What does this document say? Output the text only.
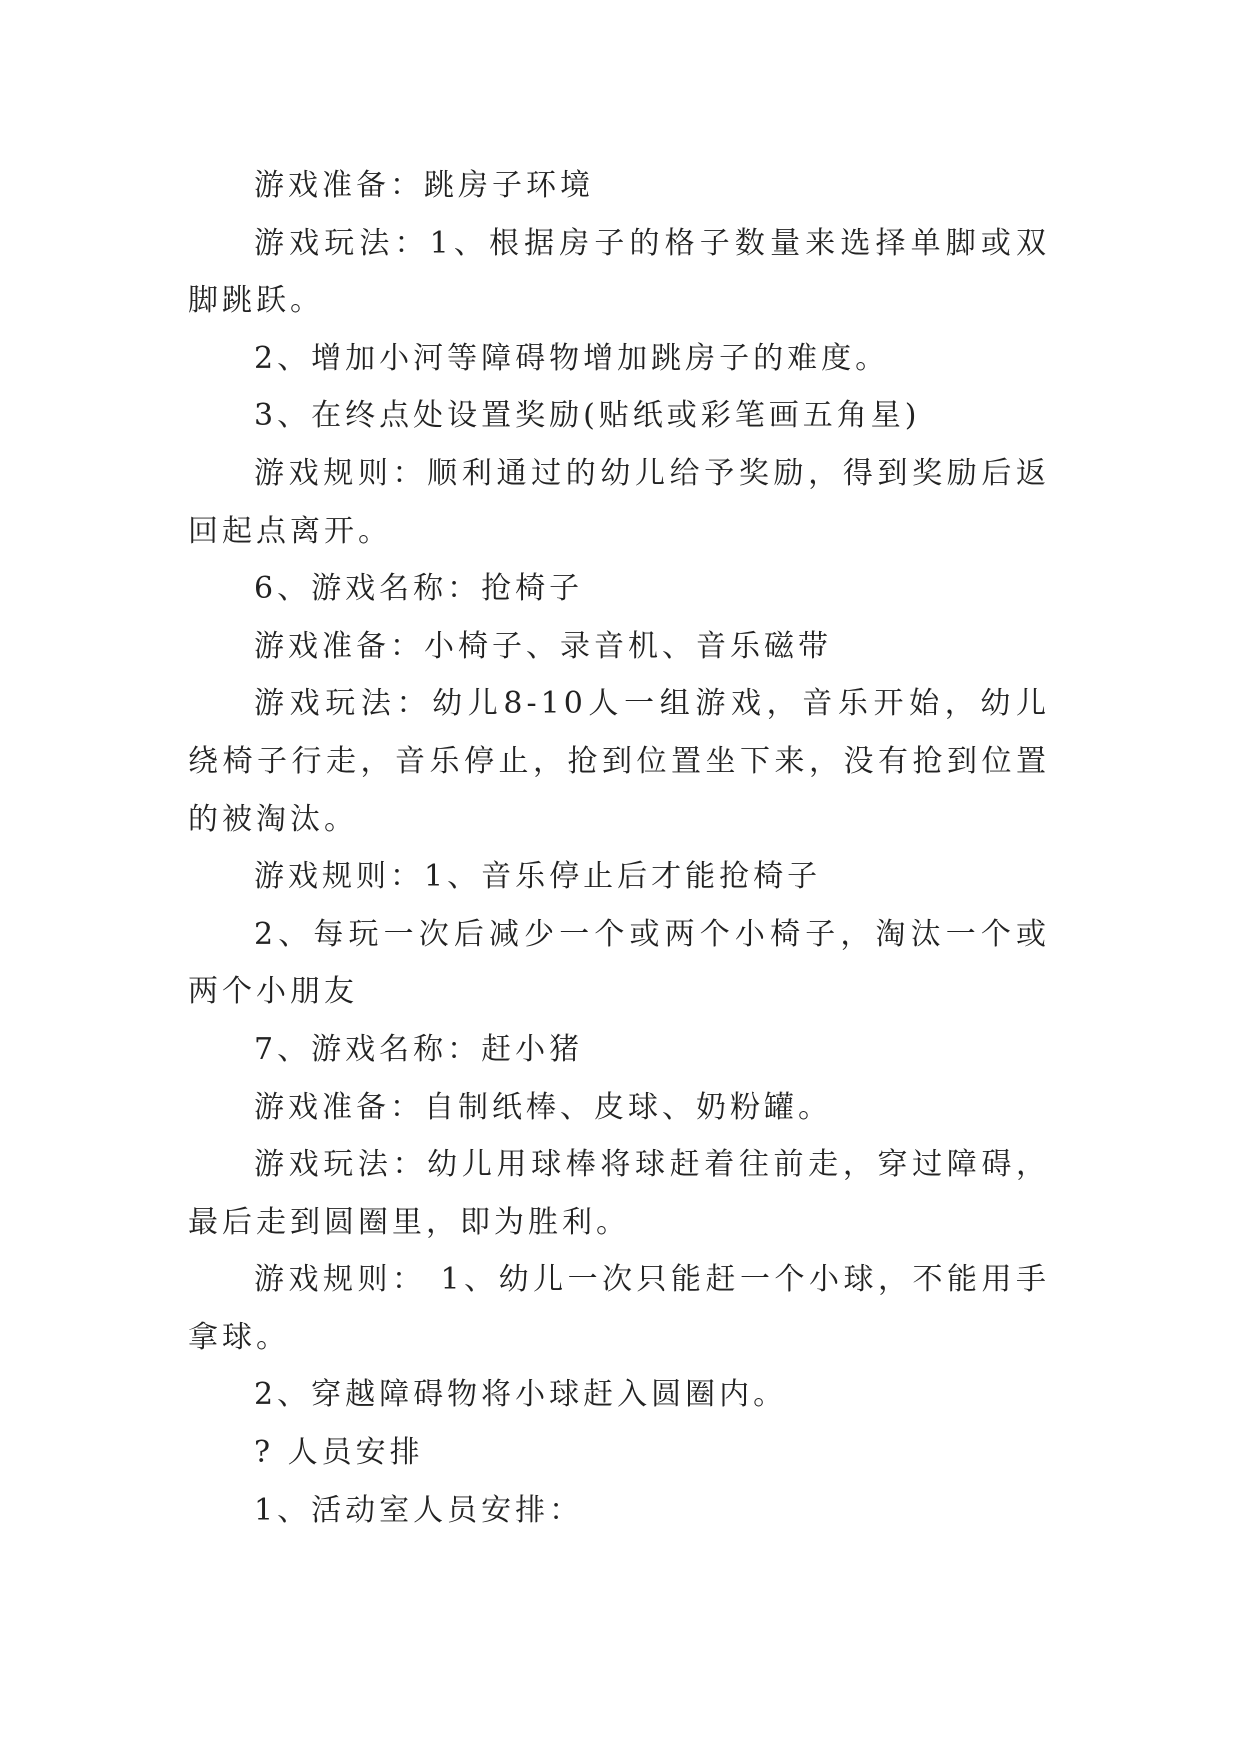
游戏准备：跳房子环境

游戏玩法：1、根据房子的格子数量来选择单脚或双脚跳跃。

2、增加小河等障碍物增加跳房子的难度。

3、在终点处设置奖励(贴纸或彩笔画五角星)

游戏规则：顺利通过的幼儿给予奖励，得到奖励后返回起点离开。

6、游戏名称：抢椅子

游戏准备：小椅子、录音机、音乐磁带

游戏玩法：幼儿8-10人一组游戏，音乐开始，幼儿绕椅子行走，音乐停止，抢到位置坐下来，没有抢到位置的被淘汰。

游戏规则：1、音乐停止后才能抢椅子

2、每玩一次后减少一个或两个小椅子，淘汰一个或两个小朋友

7、游戏名称：赶小猪

游戏准备：自制纸棒、皮球、奶粉罐。

游戏玩法：幼儿用球棒将球赶着往前走，穿过障碍，最后走到圆圈里，即为胜利。

游戏规则： 1、幼儿一次只能赶一个小球，不能用手拿球。

2、穿越障碍物将小球赶入圆圈内。

? 人员安排

1、活动室人员安排：
